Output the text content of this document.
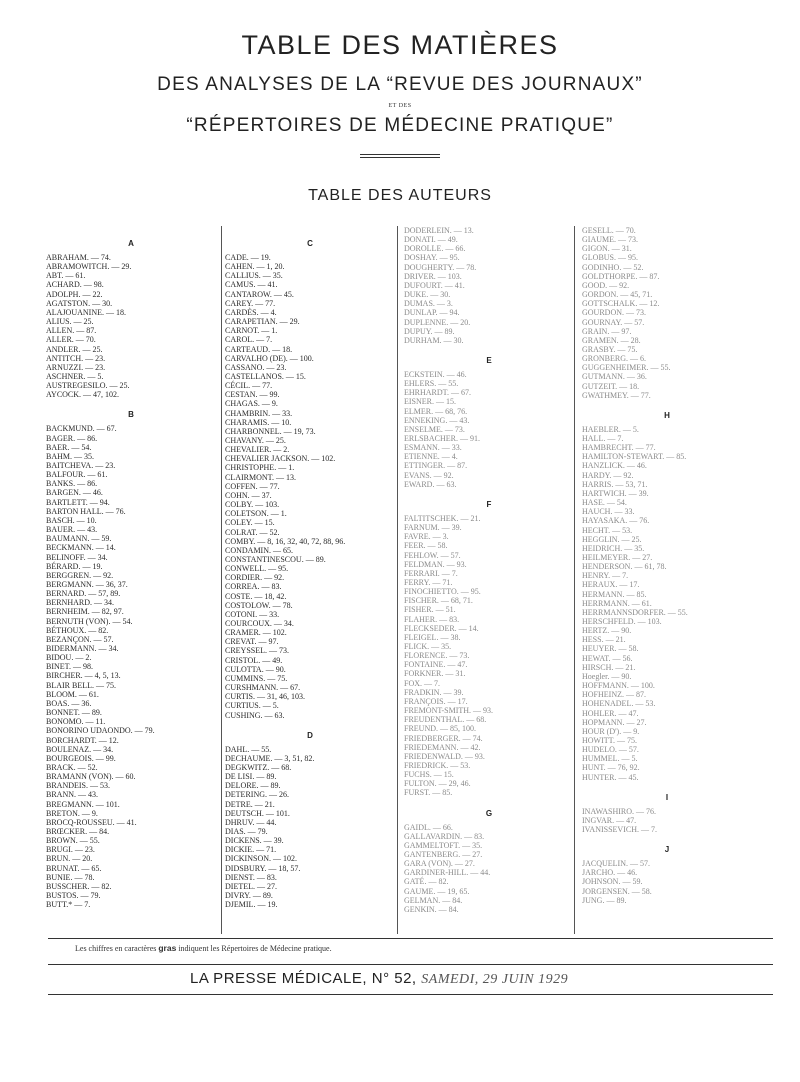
TABLE DES MATIÈRES
DES ANALYSES DE LA “REVUE DES JOURNAUX”
ET DES
“RÉPERTOIRES DE MÉDECINE PRATIQUE”
TABLE DES AUTEURS
A
ABRAHAM. — 74.
ABRAMOWITCH. — 29.
ABT. — 61.
ACHARD. — 98.
ADOLPH. — 22.
AGATSTON. — 30.
ALAJOUANINE. — 18.
ALIUS. — 25.
ALLEN. — 87.
ALLER. — 70.
ANDLER. — 25.
ANTITCH. — 23.
ARNUZZI. — 23.
ASCHNER. — 5.
AUSTREGESILO. — 25.
AYCOCK. — 47, 102.
B
BACKMUND. — 67.
BAGER. — 86.
BAER. — 54.
BAHM. — 35.
BAITCHEVA. — 23.
BALFOUR. — 61.
BANKS. — 86.
BARGEN. — 46.
BARTLETT. — 94.
BARTON HALL. — 76.
BASCH. — 10.
BAUER. — 43.
BAUMANN. — 59.
BECKMANN. — 14.
BELINOFF. — 34.
BÉRARD. — 19.
BERGGREN. — 92.
BERGMANN. — 36, 37.
BERNARD. — 57, 89.
BERNHARD. — 34.
BERNHEIM. — 82, 97.
BERNUTH (VON). — 54.
BÉTHOUX. — 82.
BEZANÇON. — 57.
BIDERMANN. — 34.
BIDOU. — 2.
BINET. — 98.
BIRCHER. — 4, 5, 13.
BLAIR BELL. — 75.
BLOOM. — 61.
BOAS. — 36.
BONNET. — 89.
BONOMO. — 11.
BONORINO UDAONDO. — 79.
BORCHARDT. — 12.
BOULENAZ. — 34.
BOURGEOIS. — 99.
BRACK. — 52.
BRAMANN (VON). — 60.
BRANDEIS. — 53.
BRANN. — 43.
BREGMANN. — 101.
BRETON. — 9.
BROCQ-ROUSSEU. — 41.
BRŒCKER. — 84.
BROWN. — 55.
BRUGI. — 23.
BRUN. — 20.
BRUNAT. — 65.
BUNIE. — 78.
BUSSCHER. — 82.
BUSTOS. — 79.
BUTT.* — 7.
C
CADE. — 19.
CAHEN. — 1, 20.
CALLIUS. — 35.
CAMUS. — 41.
CANTAROW. — 45.
CAREY. — 77.
CARDÈS. — 4.
CARAPETIAN. — 29.
CARNOT. — 1.
CAROL. — 7.
CARTEAUD. — 18.
CARVALHO (DE). — 100.
CASSANO. — 23.
CASTELLANOS. — 15.
CÉCIL. — 77.
CESTAN. — 99.
CHAGAS. — 9.
CHAMBRIN. — 33.
CHARAMIS. — 10.
CHARBONNEL. — 19, 73.
CHAVANY. — 25.
CHEVALIER. — 2.
CHEVALIER JACKSON. — 102.
CHRISTOPHE. — 1.
CLAIRMONT. — 13.
COFFEN. — 77.
COHN. — 37.
COLBY. — 103.
COLETSON. — 1.
COLEY. — 15.
COLRAT. — 52.
COMBY. — 8, 16, 32, 40, 72, 88, 96.
CONDAMIN. — 65.
CONSTANTINESCOU. — 89.
CONWELL. — 95.
CORDIER. — 92.
CORREA. — 83.
COSTE. — 18, 42.
COSTOLOW. — 78.
COTONI. — 33.
COURCOUX. — 34.
CRAMER. — 102.
CREVAT. — 97.
CREYSSEL. — 73.
CRISTOL. — 49.
CULOTTA. — 90.
CUMMINS. — 75.
CURSHMANN. — 67.
CURTIS. — 31, 46, 103.
CURTIUS. — 5.
CUSHING. — 63.
D
DAHL. — 55.
DECHAUME. — 3, 51, 82.
DEGKWITZ. — 68.
DE LISI. — 89.
DELORE. — 89.
DETERING. — 26.
DETRE. — 21.
DEUTSCH. — 101.
DHRUV. — 44.
DIAS. — 79.
DICKENS. — 39.
DICKIE. — 71.
DICKINSON. — 102.
DIDSBURY. — 18, 57.
DIENST. — 83.
DIETEL. — 27.
DIVRY. — 89.
DJEMIL. — 19.
DODERLEIN. — 13.
DONATI. — 49.
DOROLLE. — 66.
DOSHAY. — 95.
DOUGHERTY. — 78.
DRIVER. — 103.
DUFOURT. — 41.
DUKE. — 30.
DUMAS. — 3.
DUNLAP. — 94.
DUPLENNE. — 20.
DUPUY. — 89.
DURHAM. — 30.
E
ECKSTEIN. — 46.
EHLERS. — 55.
EHRHARDT. — 67.
EISNER. — 15.
ELMER. — 68, 76.
ENNEKING. — 43.
ENSELME. — 73.
ERLSBACHER. — 91.
ESMANN. — 33.
ETIENNE. — 4.
ETTINGER. — 87.
EVANS. — 92.
EWARD. — 63.
F
FALTITSCHEK. — 21.
FARNUM. — 39.
FAVRE. — 3.
FEER. — 58.
FEHLOW. — 57.
FELDMAN. — 93.
FERRARI. — 7.
FERRY. — 71.
FINOCHIETTO. — 95.
FISCHER. — 68, 71.
FISHER. — 51.
FLAHER. — 83.
FLECKSEDER. — 14.
FLEIGEL. — 38.
FLICK. — 35.
FLORENCE. — 73.
FONTAINE. — 47.
FORKNER. — 31.
FOX. — 7.
FRADKIN. — 39.
FRANÇOIS. — 17.
FREMONT-SMITH. — 93.
FREUDENTHAL. — 68.
FREUND. — 85, 100.
FRIEDBERGER. — 74.
FRIEDEMANN. — 42.
FRIEDENWALD. — 93.
FRIEDRICK. — 53.
FUCHS. — 15.
FULTON. — 29, 46.
FURST. — 85.
G
GAIDL. — 66.
GALLAVARDIN. — 83.
GAMMELTOFT. — 35.
GANTENBERG. — 27.
GARA (VON). — 27.
GARDINER-HILL. — 44.
GATÉ. — 82.
GAUME. — 19, 65.
GELMAN. — 84.
GENKIN. — 84.
GESELL. — 70.
GIAUME. — 73.
GIGON. — 31.
GLOBUS. — 95.
GODINHO. — 52.
GOLDTHORPE. — 87.
GOOD. — 92.
GORDON. — 45, 71.
GOTTSCHALK. — 12.
GOURDON. — 73.
GOURNAY. — 57.
GRAIN. — 97.
GRAMEN. — 28.
GRASBY. — 75.
GRONBERG. — 6.
GUGGENHEIMER. — 55.
GUTMANN. — 36.
GUTZEIT. — 18.
GWATHMEY. — 77.
H
HAEBLER. — 5.
HALL. — 7.
HAMBRECHT. — 77.
HAMILTON-STEWART. — 85.
HANZLICK. — 46.
HARDY. — 92.
HARRIS. — 53, 71.
HARTWICH. — 39.
HASE. — 54.
HAUCH. — 33.
HAYASAKA. — 76.
HECHT. — 53.
HEGGLIN. — 25.
HEIDRICH. — 35.
HEILMEYER. — 27.
HENDERSON. — 61, 78.
HENRY. — 7.
HERAUX. — 17.
HERMANN. — 85.
HERRMANN. — 61.
HERRMANNSDORFER. — 55.
HERSCHFELD. — 103.
HERTZ. — 90.
HESS. — 21.
HEUYER. — 58.
HEWAT. — 56.
HIRSCH. — 21.
Hoegler. — 90.
HOFFMANN. — 100.
HOFHEINZ. — 87.
HOHENADEL. — 53.
HOHLER. — 47.
HOPMANN. — 27.
HOUR (D'). — 9.
HOWITT. — 75.
HUDELO. — 57.
HUMMEL. — 5.
HUNT. — 76, 92.
HUNTER. — 45.
I
INAWASHIRO. — 76.
INGVAR. — 47.
IVANISSEVICH. — 7.
J
JACQUELIN. — 57.
JARCHO. — 46.
JOHNSON. — 59.
JORGENSEN. — 58.
JUNG. — 89.
Les chiffres en caractères gras indiquent les Répertoires de Médecine pratique.
LA PRESSE MÉDICALE, N° 52, SAMEDI, 29 JUIN 1929
